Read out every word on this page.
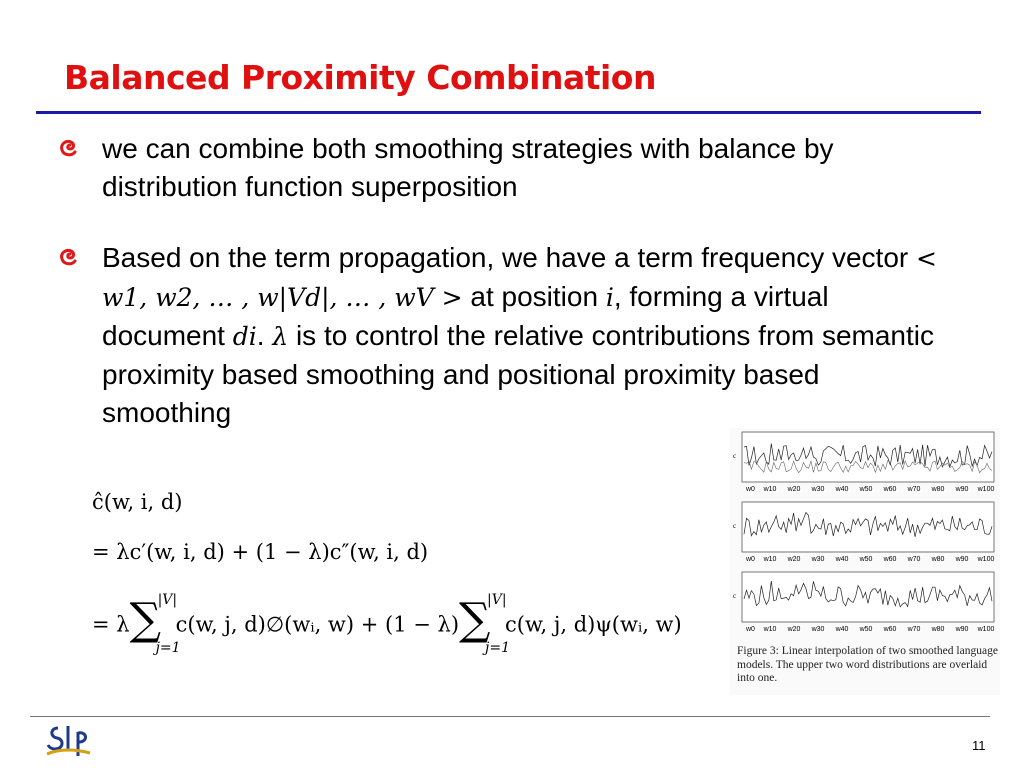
Balanced Proximity Combination
we can combine both smoothing strategies with balance by distribution function superposition
Based on the term propagation, we have a term frequency vector < w1, w2, … , w|Vd|, … , wV > at position i, forming a virtual document di. λ is to control the relative contributions from semantic proximity based smoothing and positional proximity based smoothing
ĉ(w, i, d)
= λc′(w, i, d) + (1 − λ)c″(w, i, d)
= λ ∑
|V|
j=1
c(w, j, d)∅(wᵢ, w) + (1 − λ) ∑
|V|
j=1
c(w, j, d)ψ(wᵢ, w)
c
w0 w10 w20 w30 w40 w50 w60 w70 w80 w90 w100
c
w0 w10 w20 w30 w40 w50 w60 w70 w80 w90 w100
c
w0 w10 w20 w30 w40 w50 w60 w70 w80 w90 w100
Figure 3: Linear interpolation of two smoothed language models. The upper two word distributions are overlaid into one.
11
